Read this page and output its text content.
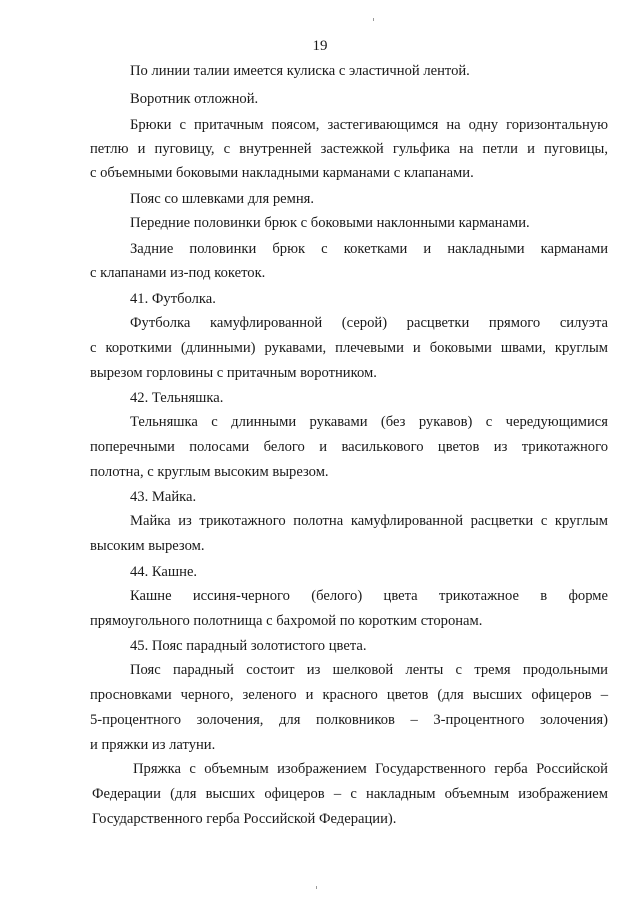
19
По линии талии имеется кулиска с эластичной лентой.
Воротник отложной.
Брюки с притачным поясом, застегивающимся на одну горизонтальную
петлю и пуговицу, с внутренней застежкой гульфика на петли и пуговицы,
с объемными боковыми накладными карманами с клапанами.
Пояс со шлевками для ремня.
Передние половинки брюк с боковыми наклонными карманами.
Задние половинки брюк с кокетками и накладными карманами
с клапанами из-под кокеток.
41. Футболка.
Футболка камуфлированной (серой) расцветки прямого силуэта
с короткими (длинными) рукавами, плечевыми и боковыми швами, круглым
вырезом горловины с притачным воротником.
42. Тельняшка.
Тельняшка с длинными рукавами (без рукавов) с чередующимися
поперечными полосами белого и василькового цветов из трикотажного
полотна, с круглым высоким вырезом.
43. Майка.
Майка из трикотажного полотна камуфлированной расцветки с круглым
высоким вырезом.
44. Кашне.
Кашне иссиня-черного (белого) цвета трикотажное в форме
прямоугольного полотнища с бахромой по коротким сторонам.
45. Пояс парадный золотистого цвета.
Пояс парадный состоит из шелковой ленты с тремя продольными
просновками черного, зеленого и красного цветов (для высших офицеров –
5-процентного золочения, для полковников – 3-процентного золочения)
и пряжки из латуни.
Пряжка с объемным изображением Государственного герба Российской
Федерации (для высших офицеров – с накладным объемным изображением
Государственного герба Российской Федерации).
